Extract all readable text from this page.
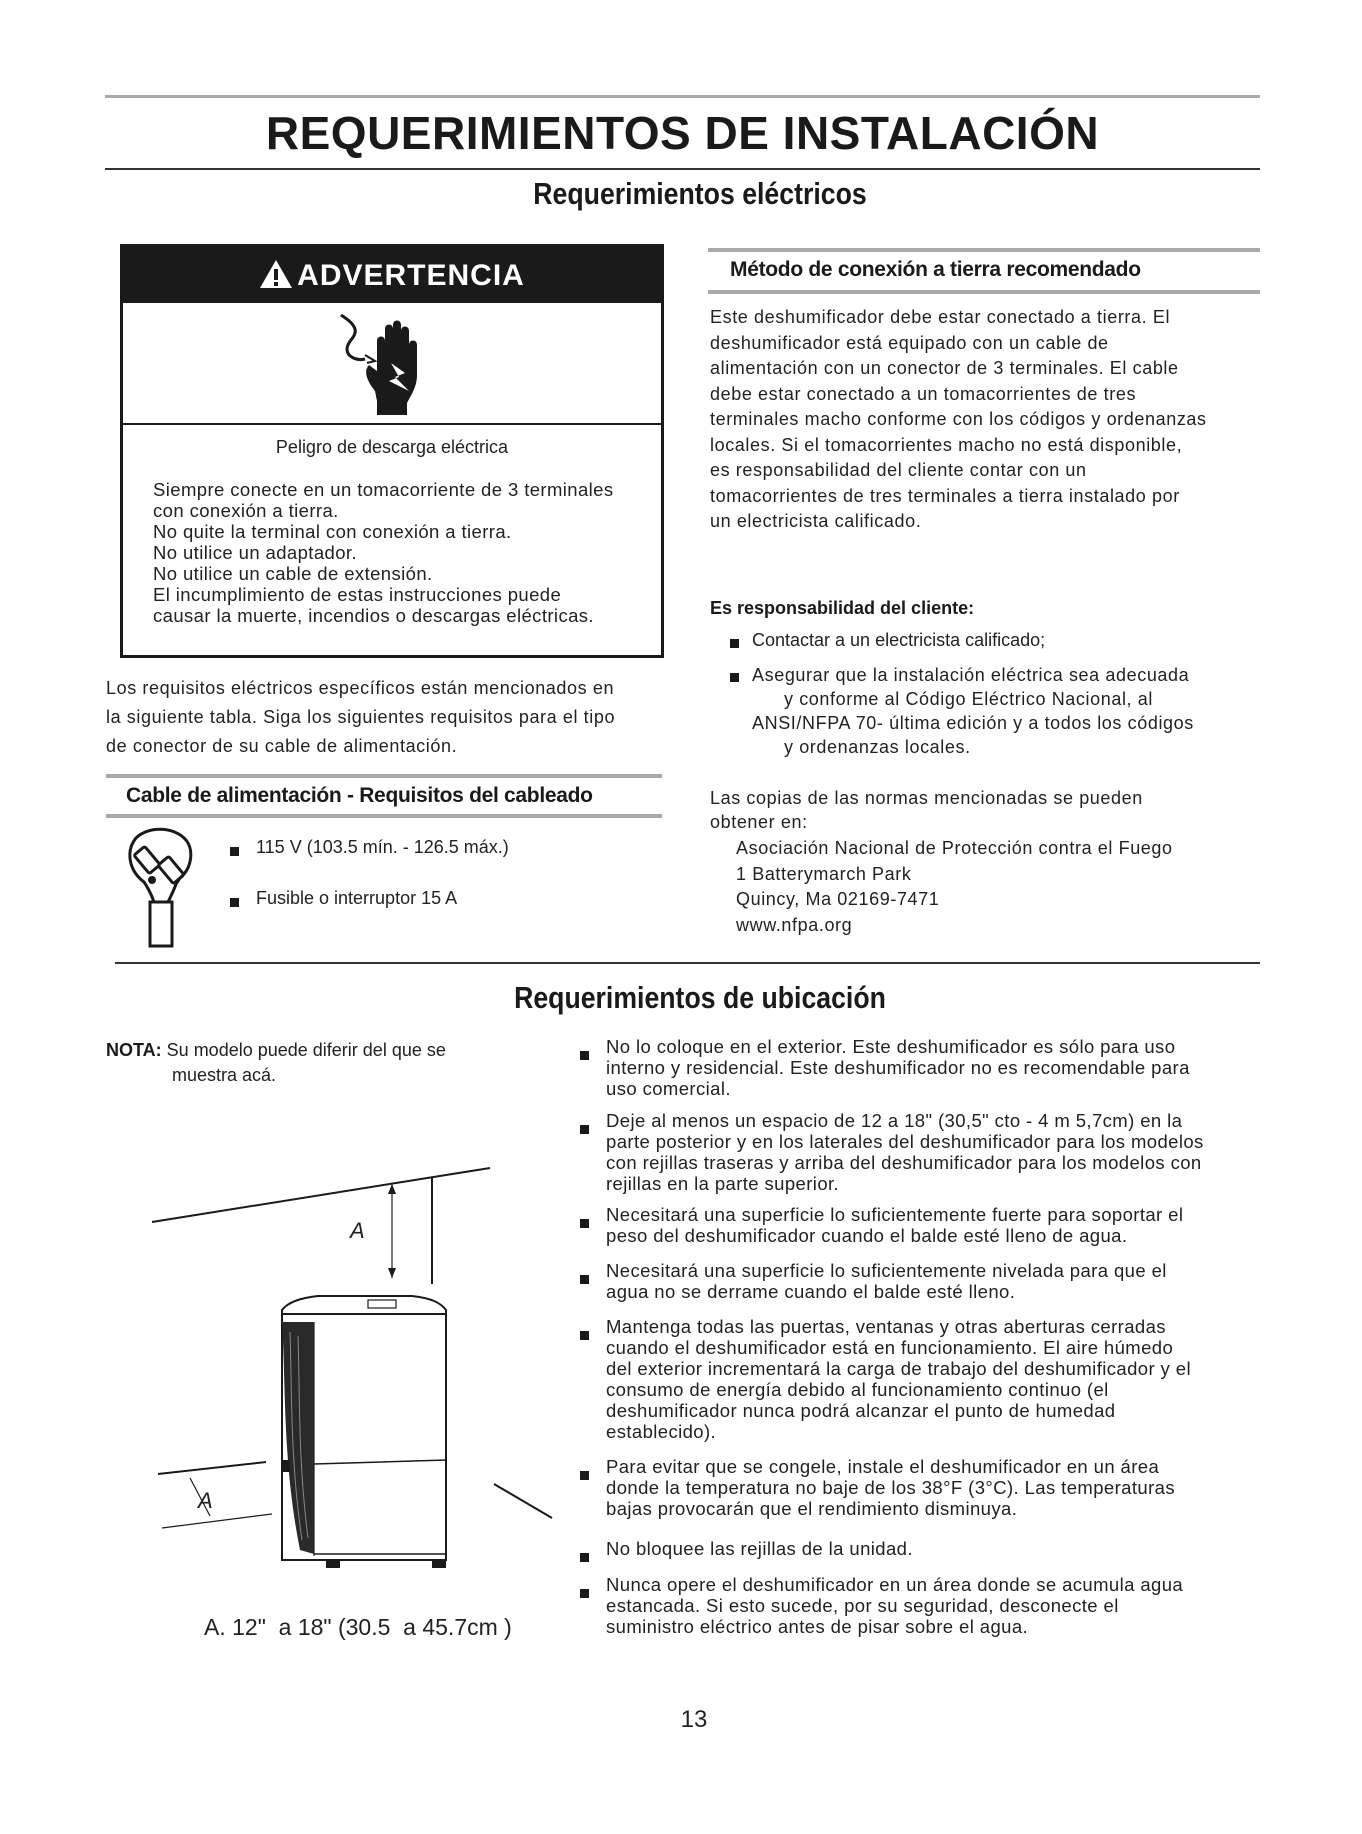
REQUERIMIENTOS DE INSTALACIÓN
Requerimientos eléctricos
ADVERTENCIA
Peligro de descarga eléctrica
Siempre conecte en un tomacorriente de 3 terminales
con conexión a tierra.
No quite la terminal con conexión a tierra.
No utilice un adaptador.
No utilice un cable de extensión.
El incumplimiento de estas instrucciones puede
causar la muerte, incendios o descargas eléctricas.
Los requisitos eléctricos específicos están mencionados en
la siguiente tabla. Siga los siguientes requisitos para el tipo
de conector de su cable de alimentación.
Cable de alimentación - Requisitos del cableado
115 V (103.5 mín. - 126.5 máx.)
Fusible o interruptor 15 A
Método de conexión a tierra recomendado
Este deshumificador debe estar conectado a tierra. El
deshumificador está equipado con un cable de
alimentación con un conector de 3 terminales. El cable
debe estar conectado a un tomacorrientes de tres
terminales macho conforme con los códigos y ordenanzas
locales. Si el tomacorrientes macho no está disponible,
es responsabilidad del cliente contar con un
tomacorrientes de tres terminales a tierra instalado por
un electricista calificado.
Es responsabilidad del cliente:
Contactar a un electricista calificado;
Asegurar que la instalación eléctrica sea adecuada
y conforme al Código Eléctrico Nacional, al
ANSI/NFPA 70- última edición y a todos los códigos
y ordenanzas locales.
Las copias de las normas mencionadas se pueden
obtener en:
Asociación Nacional de Protección contra el Fuego
1 Batterymarch Park
Quincy, Ma 02169-7471
www.nfpa.org
Requerimientos de ubicación
NOTA: Su modelo puede diferir del que se
muestra acá.
A
A
A. 12"  a 18" (30.5  a 45.7cm )
No lo coloque en el exterior. Este deshumificador es sólo para uso
interno y residencial. Este deshumificador no es recomendable para
uso comercial.
Deje al menos un espacio de 12 a 18" (30,5" cto - 4 m 5,7cm) en la
parte posterior y en los laterales del deshumificador para los modelos
con rejillas traseras y arriba del deshumificador para los modelos con
rejillas en la parte superior.
Necesitará una superficie lo suficientemente fuerte para soportar el
peso del deshumificador cuando el balde esté lleno de agua.
Necesitará una superficie lo suficientemente nivelada para que el
agua no se derrame cuando el balde esté lleno.
Mantenga todas las puertas, ventanas y otras aberturas cerradas
cuando el deshumificador está en funcionamiento. El aire húmedo
del exterior incrementará la carga de trabajo del deshumificador y el
consumo de energía debido al funcionamiento continuo (el
deshumificador nunca podrá alcanzar el punto de humedad
establecido).
Para evitar que se congele, instale el deshumificador en un área
donde la temperatura no baje de los 38°F (3°C). Las temperaturas
bajas provocarán que el rendimiento disminuya.
No bloquee las rejillas de la unidad.
Nunca opere el deshumificador en un área donde se acumula agua
estancada. Si esto sucede, por su seguridad, desconecte el
suministro eléctrico antes de pisar sobre el agua.
13
